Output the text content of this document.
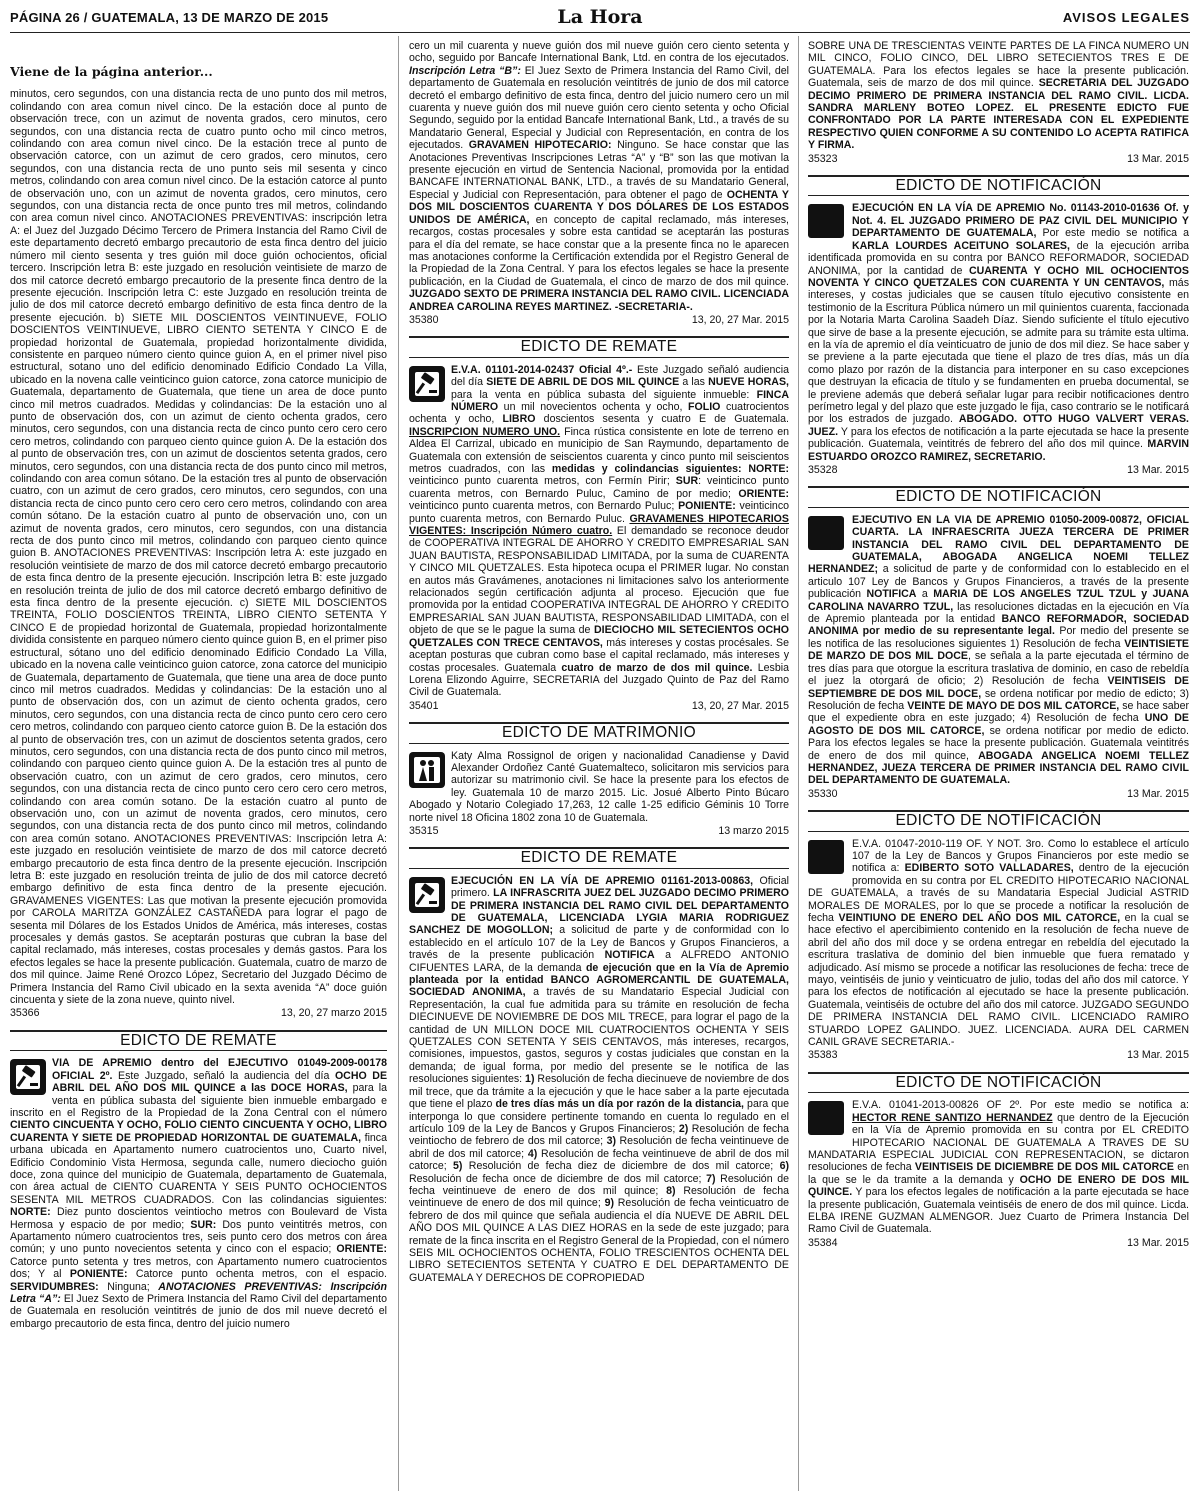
PÁGINA 26 / GUATEMALA, 13 DE MARZO DE 2015	La Hora	AVISOS LEGALES
Viene de la página anterior...

minutos, cero segundos, con una distancia recta de uno punto dos mil metros, colindando con area comun nivel cinco. De la estación doce al punto de observación trece, con un azimut de noventa grados, cero minutos, cero segundos, con una distancia recta de cuatro punto ocho mil cinco metros, colindando con area comun nivel cinco. De la estación trece al punto de observación catorce, con un azimut de cero grados, cero minutos, cero segundos, con una distancia recta de uno punto seis mil sesenta y cinco metros, colindando con area comun nivel cinco. De la estación catorce al punto de observación uno, con un azimut de noventa grados, cero minutos, cero segundos, con una distancia recta de once punto tres mil metros, colindando con area comun nivel cinco. ANOTACIONES PREVENTIVAS: inscripción letra A: el Juez del Juzgado Décimo Tercero de Primera Instancia del Ramo Civil de este departamento decretó embargo precautorio de esta finca dentro del juicio número mil ciento sesenta y tres guión mil doce guión ochocientos, oficial tercero. Inscripción letra B: este juzgado en resolución veintisiete de marzo de dos mil catorce decretó embargo precautorio de la presente finca dentro de la presente ejecución. Inscripción letra C: este Juzgado en resolución treinta de julio de dos mil catorce decretó embargo definitivo de esta finca dentro de la presente ejecución. b) SIETE MIL DOSCIENTOS VEINTINUEVE, FOLIO DOSCIENTOS VEINTINUEVE, LIBRO CIENTO SETENTA Y CINCO E de propiedad horizontal de Guatemala, propiedad horizontalmente dividida, consistente en parqueo número ciento quince guion A, en el primer nivel piso estructural, sotano uno del edificio denominado Edificio Condado La Villa, ubicado en la novena calle veinticinco guion catorce, zona catorce municipio de Guatemala, departamento de Guatemala, que tiene un area de doce punto cinco mil metros cuadrados. Medidas y colindancias: De la estación uno al punto de observación dos, con un azimut de ciento ochenta grados, cero minutos, cero segundos, con una distancia recta de cinco punto cero cero cero cero metros, colindando con parqueo ciento quince guion A. De la estación dos al punto de observación tres, con un azimut de doscientos setenta grados, cero minutos, cero segundos, con una distancia recta de dos punto cinco mil metros, colindando con area comun sótano. De la estación tres al punto de observación cuatro, con un azimut de cero grados, cero minutos, cero segundos, con una distancia recta de cinco punto cero cero cero cero metros, colindando con area común sótano. De la estación cuatro al punto de observación uno, con un azimut de noventa grados, cero minutos, cero segundos, con una distancia recta de dos punto cinco mil metros, colindando con parqueo ciento quince guion B. ANOTACIONES PREVENTIVAS: Inscripción letra A: este juzgado en resolución veintisiete de marzo de dos mil catorce decretó embargo precautorio de esta finca dentro de la presente ejecución. Inscripción letra B: este juzgado en resolución treinta de julio de dos mil catorce decretó embargo definitivo de esta finca dentro de la presente ejecución. c) SIETE MIL DOSCIENTOS TREINTA, FOLIO DOSCIENTOS TREINTA, LIBRO CIENTO SETENTA Y CINCO E de propiedad horizontal de Guatemala, propiedad horizontalmente dividida consistente en parqueo número ciento quince guion B, en el primer piso estructural, sótano uno del edificio denominado Edificio Condado La Villa, ubicado en la novena calle veinticinco guion catorce, zona catorce del municipio de Guatemala, departamento de Guatemala, que tiene una area de doce punto cinco mil metros cuadrados. Medidas y colindancias: De la estación uno al punto de observación dos, con un azimut de ciento ochenta grados, cero minutos, cero segundos, con una distancia recta de cinco punto cero cero cero cero metros, colindando con parqueo ciento catorce guion B. De la estación dos al punto de observación tres, con un azimut de doscientos setenta grados, cero minutos, cero segundos, con una distancia recta de dos punto cinco mil metros, colindando con parqueo ciento quince guion A. De la estación tres al punto de observación cuatro, con un azimut de cero grados, cero minutos, cero segundos, con una distancia recta de cinco punto cero cero cero cero metros, colindando con area común sotano. De la estación cuatro al punto de observación uno, con un azimut de noventa grados, cero minutos, cero segundos, con una distancia recta de dos punto cinco mil metros, colindando con area común sotano. ANOTACIONES PREVENTIVAS: Inscripción letra A: este juzgado en resolución veintisiete de marzo de dos mil catorce decretó embargo precautorio de esta finca dentro de la presente ejecución. Inscripción letra B: este juzgado en resolución treinta de julio de dos mil catorce decretó embargo definitivo de esta finca dentro de la presente ejecución. GRAVAMENES VIGENTES: Las que motivan la presente ejecución promovida por CAROLA MARITZA GONZÁLEZ CASTAÑEDA para lograr el pago de sesenta mil Dólares de los Estados Unidos de América, más intereses, costas procesales y demás gastos. Se aceptarán posturas que cubran la base del capital reclamado, más intereses, costas procesales y demás gastos. Para los efectos legales se hace la presente publicación. Guatemala, cuatro de marzo de dos mil quince. Jaime René Orozco López, Secretario del Juzgado Décimo de Primera Instancia del Ramo Civil ubicado en la sexta avenida “A” doce guión cincuenta y siete de la zona nueve, quinto nivel.

35366	13, 20, 27 marzo 2015
EDICTO DE REMATE

VIA DE APREMIO dentro del EJECUTIVO 01049-2009-00178 OFICIAL 2º. Este Juzgado, señaló la audiencia del día OCHO DE ABRIL DEL AÑO DOS MIL QUINCE a las DOCE HORAS, para la venta en pública subasta del siguiente bien inmueble embargado e inscrito en el Registro de la Propiedad de la Zona Central con el número CIENTO CINCUENTA Y OCHO, FOLIO CIENTO CINCUENTA Y OCHO, LIBRO CUARENTA Y SIETE DE PROPIEDAD HORIZONTAL DE GUATEMALA, finca urbana ubicada en Apartamento numero cuatrocientos uno, Cuarto nivel, Edificio Condominio Vista Hermosa, segunda calle, numero dieciocho guión doce, zona quince del municipio de Guatemala, departamento de Guatemala, con área actual de CIENTO CUARENTA Y SEIS PUNTO OCHOCIENTOS SESENTA MIL METROS CUADRADOS. Con las colindancias siguientes: NORTE: Diez punto doscientos veintiocho metros con Boulevard de Vista Hermosa y espacio de por medio; SUR: Dos punto veintitrés metros, con Apartamento número cuatrocientos tres, seis punto cero dos metros con área común; y uno punto novecientos setenta y cinco con el espacio; ORIENTE: Catorce punto setenta y tres metros, con Apartamento numero cuatrocientos dos; Y al PONIENTE: Catorce punto ochenta metros, con el espacio. SERVIDUMBRES: Ninguna; ANOTACIONES PREVENTIVAS: Inscripción Letra “A”: El Juez Sexto de Primera Instancia del Ramo Civil del departamento de Guatemala en resolución veintitrés de junio de dos mil nueve decretó el embargo precautorio de esta finca, dentro del juicio numero

cero un mil cuarenta y nueve guión dos mil nueve guión cero ciento setenta y ocho, seguido por Bancafe International Bank, Ltd. en contra de los ejecutados. Inscripción Letra “B”: El Juez Sexto de Primera Instancia del Ramo Civil, del departamento de Guatemala en resolución veintitrés de junio de dos mil catorce decretó el embargo definitivo de esta finca, dentro del juicio numero cero un mil cuarenta y nueve guión dos mil nueve guión cero ciento setenta y ocho Oficial Segundo, seguido por la entidad Bancafe International Bank, Ltd., a través de su Mandatario General, Especial y Judicial con Representación, en contra de los ejecutados. GRAVAMEN HIPOTECARIO: Ninguno. Se hace constar que las Anotaciones Preventivas Inscripciones Letras “A” y “B” son las que motivan la presente ejecución en virtud de Sentencia Nacional, promovida por la entidad BANCAFE INTERNATIONAL BANK, LTD., a través de su Mandatario General, Especial y Judicial con Representación, para obtener el pago de OCHENTA Y DOS MIL DOSCIENTOS CUARENTA Y DOS DÓLARES DE LOS ESTADOS UNIDOS DE AMÉRICA, en concepto de capital reclamado, más intereses, recargos, costas procesales y sobre esta cantidad se aceptarán las posturas para el día del remate, se hace constar que a la presente finca no le aparecen mas anotaciones conforme la Certificación extendida por el Registro General de la Propiedad de la Zona Central. Y para los efectos legales se hace la presente publicación, en la Ciudad de Guatemala, el cinco de marzo de dos mil quince. JUZGADO SEXTO DE PRIMERA INSTANCIA DEL RAMO CIVIL. LICENCIADA ANDREA CAROLINA REYES MARTINEZ. -SECRETARIA-.

35380	13, 20, 27 Mar. 2015
EDICTO DE REMATE

E.V.A. 01101-2014-02437 Oficial 4º.- Este Juzgado señaló audiencia del día SIETE DE ABRIL DE DOS MIL QUINCE a las NUEVE HORAS, para la venta en pública subasta del siguiente inmueble: FINCA NÚMERO un mil novecientos ochenta y ocho, FOLIO cuatrocientos ochenta y ocho, LIBRO doscientos sesenta y cuatro E de Guatemala. INSCRIPCION NUMERO UNO. Finca rústica consistente en lote de terreno en Aldea El Carrizal, ubicado en municipio de San Raymundo, departamento de Guatemala con extensión de seiscientos cuarenta y cinco punto mil seiscientos metros cuadrados, con las medidas y colindancias siguientes: NORTE: veinticinco punto cuarenta metros, con Fermín Pirir; SUR: veinticinco punto cuarenta metros, con Bernardo Puluc, Camino de por medio; ORIENTE: veinticinco punto cuarenta metros, con Bernardo Puluc; PONIENTE: veinticinco punto cuarenta metros, con Bernardo Puluc. GRAVAMENES HIPOTECARIOS VIGENTES: Inscripción Número cuatro. El demandado se reconoce deudor de COOPERATIVA INTEGRAL DE AHORRO Y CREDITO EMPRESARIAL SAN JUAN BAUTISTA, RESPONSABILIDAD LIMITADA, por la suma de CUARENTA Y CINCO MIL QUETZALES. Esta hipoteca ocupa el PRIMER lugar. No constan en autos más Gravámenes, anotaciones ni limitaciones salvo los anteriormente relacionados según certificación adjunta al proceso. Ejecución que fue promovida por la entidad COOPERATIVA INTEGRAL DE AHORRO Y CREDITO EMPRESARIAL SAN JUAN BAUTISTA, RESPONSABILIDAD LIMITADA, con el objeto de que se le pague la suma de DIECIOCHO MIL SETECIENTOS OCHO QUETZALES CON TRECE CENTAVOS, más intereses y costas procésales. Se aceptan posturas que cubran como base el capital reclamado, más intereses y costas procesales. Guatemala cuatro de marzo de dos mil quince. Lesbia Lorena Elizondo Aguirre, SECRETARIA del Juzgado Quinto de Paz del Ramo Civil de Guatemala.

35401	13, 20, 27 Mar. 2015
EDICTO DE MATRIMONIO

Katy Alma Rossignol de origen y nacionalidad Canadiense y David Alexander Ordoñez Canté Guatemalteco, solicitaron mis servicios para autorizar su matrimonio civil. Se hace la presente para los efectos de ley. Guatemala 10 de marzo 2015. Lic. Josué Alberto Pinto Búcaro Abogado y Notario Colegiado 17,263, 12 calle 1-25 edificio Géminis 10 Torre norte nivel 18 Oficina 1802 zona 10 de Guatemala.

35315	13 marzo 2015
EDICTO DE REMATE

EJECUCIÓN EN LA VÍA DE APREMIO 01161-2013-00863, Oficial primero. LA INFRASCRITA JUEZ DEL JUZGADO DECIMO PRIMERO DE PRIMERA INSTANCIA DEL RAMO CIVIL DEL DEPARTAMENTO DE GUATEMALA, LICENCIADA LYGIA MARIA RODRIGUEZ SANCHEZ DE MOGOLLON; a solicitud de parte y de conformidad con lo establecido en el artículo 107 de la Ley de Bancos y Grupos Financieros, a través de la presente publicación NOTIFICA a ALFREDO ANTONIO CIFUENTES LARA, de la demanda de ejecución que en la Vía de Apremio planteada por la entidad BANCO AGROMERCANTIL DE GUATEMALA, SOCIEDAD ANONIMA, a través de su Mandatario Especial Judicial con Representación, la cual fue admitida para su trámite en resolución de fecha DIECINUEVE DE NOVIEMBRE DE DOS MIL TRECE, para lograr el pago de la cantidad de UN MILLON DOCE MIL CUATROCIENTOS OCHENTA Y SEIS QUETZALES CON SETENTA Y SEIS CENTAVOS, más intereses, recargos, comisiones, impuestos, gastos, seguros y costas judiciales que constan en la demanda; de igual forma, por medio del presente se le notifica de las resoluciones siguientes: 1) Resolución de fecha diecinueve de noviembre de dos mil trece, que da trámite a la ejecución y que le hace saber a la parte ejecutada que tiene el plazo de tres días más un día por razón de la distancia, para que interponga lo que considere pertinente tomando en cuenta lo regulado en el artículo 109 de la Ley de Bancos y Grupos Financieros; 2) Resolución de fecha veintiocho de febrero de dos mil catorce; 3) Resolución de fecha veintinueve de abril de dos mil catorce; 4) Resolución de fecha veintinueve de abril de dos mil catorce; 5) Resolución de fecha diez de diciembre de dos mil catorce; 6) Resolución de fecha once de diciembre de dos mil catorce; 7) Resolución de fecha veintinueve de enero de dos mil quince; 8) Resolución de fecha veintinueve de enero de dos mil quince; 9) Resolución de fecha veinticuatro de febrero de dos mil quince que señala audiencia el día NUEVE DE ABRIL DEL AÑO DOS MIL QUINCE A LAS DIEZ HORAS en la sede de este juzgado; para remate de la finca inscrita en el Registro General de la Propiedad, con el número SEIS MIL OCHOCIENTOS OCHENTA, FOLIO TRESCIENTOS OCHENTA DEL LIBRO SETECIENTOS SETENTA Y CUATRO E DEL DEPARTAMENTO DE GUATEMALA Y DERECHOS DE COPROPIEDAD

SOBRE UNA DE TRESCIENTAS VEINTE PARTES DE LA FINCA NUMERO UN MIL CINCO, FOLIO CINCO, DEL LIBRO SETECIENTOS TRES E DE GUATEMALA. Para los efectos legales se hace la presente publicación. Guatemala, seis de marzo de dos mil quince. SECRETARIA DEL JUZGADO DECIMO PRIMERO DE PRIMERA INSTANCIA DEL RAMO CIVIL. LICDA. SANDRA MARLENY BOTEO LOPEZ. EL PRESENTE EDICTO FUE CONFRONTADO POR LA PARTE INTERESADA CON EL EXPEDIENTE RESPECTIVO QUIEN CONFORME A SU CONTENIDO LO ACEPTA RATIFICA Y FIRMA.

35323	13 Mar. 2015
EDICTO DE NOTIFICACIÓN

EJECUCIÓN EN LA VÍA DE APREMIO No. 01143-2010-01636 Of. y Not. 4. EL JUZGADO PRIMERO DE PAZ CIVIL DEL MUNICIPIO Y DEPARTAMENTO DE GUATEMALA, Por este medio se notifica a KARLA LOURDES ACEITUNO SOLARES, de la ejecución arriba identificada promovida en su contra por BANCO REFORMADOR, SOCIEDAD ANONIMA, por la cantidad de CUARENTA Y OCHO MIL OCHOCIENTOS NOVENTA Y CINCO QUETZALES CON CUARENTA Y UN CENTAVOS, más intereses, y costas judiciales que se causen título ejecutivo consistente en testimonio de la Escritura Pública número un mil quinientos cuarenta, faccionada por la Notaria Marta Carolina Saadeh Díaz. Siendo suficiente el título ejecutivo que sirve de base a la presente ejecución, se admite para su trámite esta ultima. en la vía de apremio el día veinticuatro de junio de dos mil diez. Se hace saber y se previene a la parte ejecutada que tiene el plazo de tres días, más un día como plazo por razón de la distancia para interponer en su caso excepciones que destruyan la eficacia de título y se fundamenten en prueba documental, se le previene además que deberá señalar lugar para recibir notificaciones dentro perímetro legal y del plazo que este juzgado le fija, caso contrario se le notificará por los estrados de juzgado. ABOGADO. OTTO HUGO VALVERT VERAS. JUEZ. Y para los efectos de notificación a la parte ejecutada se hace la presente publicación. Guatemala, veintitrés de febrero del año dos mil quince. MARVIN ESTUARDO OROZCO RAMIREZ, SECRETARIO.

35328	13 Mar. 2015
EDICTO DE NOTIFICACIÓN

EJECUTIVO EN LA VIA DE APREMIO 01050-2009-00872, OFICIAL CUARTA. LA INFRAESCRITA JUEZA TERCERA DE PRIMER INSTANCIA DEL RAMO CIVIL DEL DEPARTAMENTO DE GUATEMALA, ABOGADA ANGELICA NOEMI TELLEZ HERNANDEZ; a solicitud de parte y de conformidad con lo establecido en el articulo 107 Ley de Bancos y Grupos Financieros, a través de la presente publicación NOTIFICA a MARIA DE LOS ANGELES TZUL TZUL y JUANA CAROLINA NAVARRO TZUL, las resoluciones dictadas en la ejecución en Vía de Apremio planteada por la entidad BANCO REFORMADOR, SOCIEDAD ANONIMA por medio de su representante legal. Por medio del presente se les notifica de las resoluciones siguientes 1) Resolución de fecha VEINTISIETE DE MARZO DE DOS MIL DOCE, se señala a la parte ejecutada el término de tres días para que otorgue la escritura traslativa de dominio, en caso de rebeldía el juez la otorgará de oficio; 2) Resolución de fecha VEINTISEIS DE SEPTIEMBRE DE DOS MIL DOCE, se ordena notificar por medio de edicto; 3) Resolución de fecha VEINTE DE MAYO DE DOS MIL CATORCE, se hace saber que el expediente obra en este juzgado; 4) Resolución de fecha UNO DE AGOSTO DE DOS MIL CATORCE, se ordena notificar por medio de edicto. Para los efectos legales se hace la presente publicación. Guatemala veintitrés de enero de dos mil quince, ABOGADA ANGELICA NOEMI TELLEZ HERNANDEZ, JUEZA TERCERA DE PRIMER INSTANCIA DEL RAMO CIVIL DEL DEPARTAMENTO DE GUATEMALA.

35330	13 Mar. 2015
EDICTO DE NOTIFICACIÓN

E.V.A. 01047-2010-119 OF. Y NOT. 3ro. Como lo establece el artículo 107 de la Ley de Bancos y Grupos Financieros por este medio se notifica a: EDIBERTO SOTO VALLADARES, dentro de la ejecución promovida en su contra por EL CREDITO HIPOTECARIO NACIONAL DE GUATEMALA, a través de su Mandataria Especial Judicial ASTRID MORALES DE MORALES, por lo que se procede a notificar la resolución de fecha VEINTIUNO DE ENERO DEL AÑO DOS MIL CATORCE, en la cual se hace efectivo el apercibimiento contenido en la resolución de fecha nueve de abril del año dos mil doce y se ordena entregar en rebeldía del ejecutado la escritura traslativa de dominio del bien inmueble que fuera rematado y adjudicado. Así mismo se procede a notificar las resoluciones de fecha: trece de mayo, veintiséis de junio y veinticuatro de julio, todas del año dos mil catorce. Y para los efectos de notificación al ejecutado se hace la presente publicación. Guatemala, veintiséis de octubre del año dos mil catorce. JUZGADO SEGUNDO DE PRIMERA INSTANCIA DEL RAMO CIVIL. LICENCIADO RAMIRO STUARDO LOPEZ GALINDO. JUEZ. LICENCIADA. AURA DEL CARMEN CANIL GRAVE SECRETARIA.-

35383	13 Mar. 2015
EDICTO DE NOTIFICACIÓN

E.V.A. 01041-2013-00826 OF 2º. Por este medio se notifica a: HECTOR RENE SANTIZO HERNANDEZ que dentro de la Ejecución en la Vía de Apremio promovida en su contra por EL CREDITO HIPOTECARIO NACIONAL DE GUATEMALA A TRAVES DE SU MANDATARIA ESPECIAL JUDICIAL CON REPRESENTACION, se dictaron resoluciones de fecha VEINTISEIS DE DICIEMBRE DE DOS MIL CATORCE en la que se le da tramite a la demanda y OCHO DE ENERO DE DOS MIL QUINCE. Y para los efectos legales de notificación a la parte ejecutada se hace la presente publicación, Guatemala veintiséis de enero de dos mil quince. Licda. ELBA IRENE GUZMAN ALMENGOR. Juez Cuarto de Primera Instancia Del Ramo Civil de Guatemala.

35384	13 Mar. 2015
